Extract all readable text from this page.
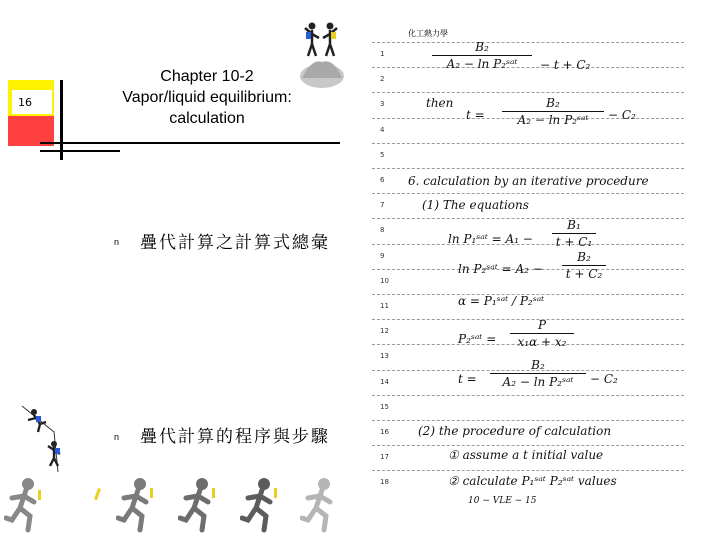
16
Chapter 10-2
Vapor/liquid equilibrium:
calculation
n 疊代計算之計算式總彙
n 疊代計算的程序與步驟
化工熱力學
1
2
3
4
5
6
7
8
9
10
11
12
13
14
15
16
17
18
B₂
A₂ − ln P₂ˢᵃᵗ	− t + C₂
then
t =
B₂
A₂ − ln P₂ˢᵃᵗ	− C₂
6. calculation by an iterative procedure
(1) The equations
ln P₁ˢᵃᵗ = A₁ −
B₁
t + C₁
ln P₂ˢᵃᵗ = A₂ −
B₂
t + C₂
α = P₁ˢᵃᵗ / P₂ˢᵃᵗ
P₂ˢᵃᵗ =
P
x₁α + x₂
t =
B₂
A₂ − ln P₂ˢᵃᵗ	− C₂
(2) the procedure of calculation
① assume a t initial value
② calculate P₁ˢᵃᵗ P₂ˢᵃᵗ values
10 − VLE − 15
